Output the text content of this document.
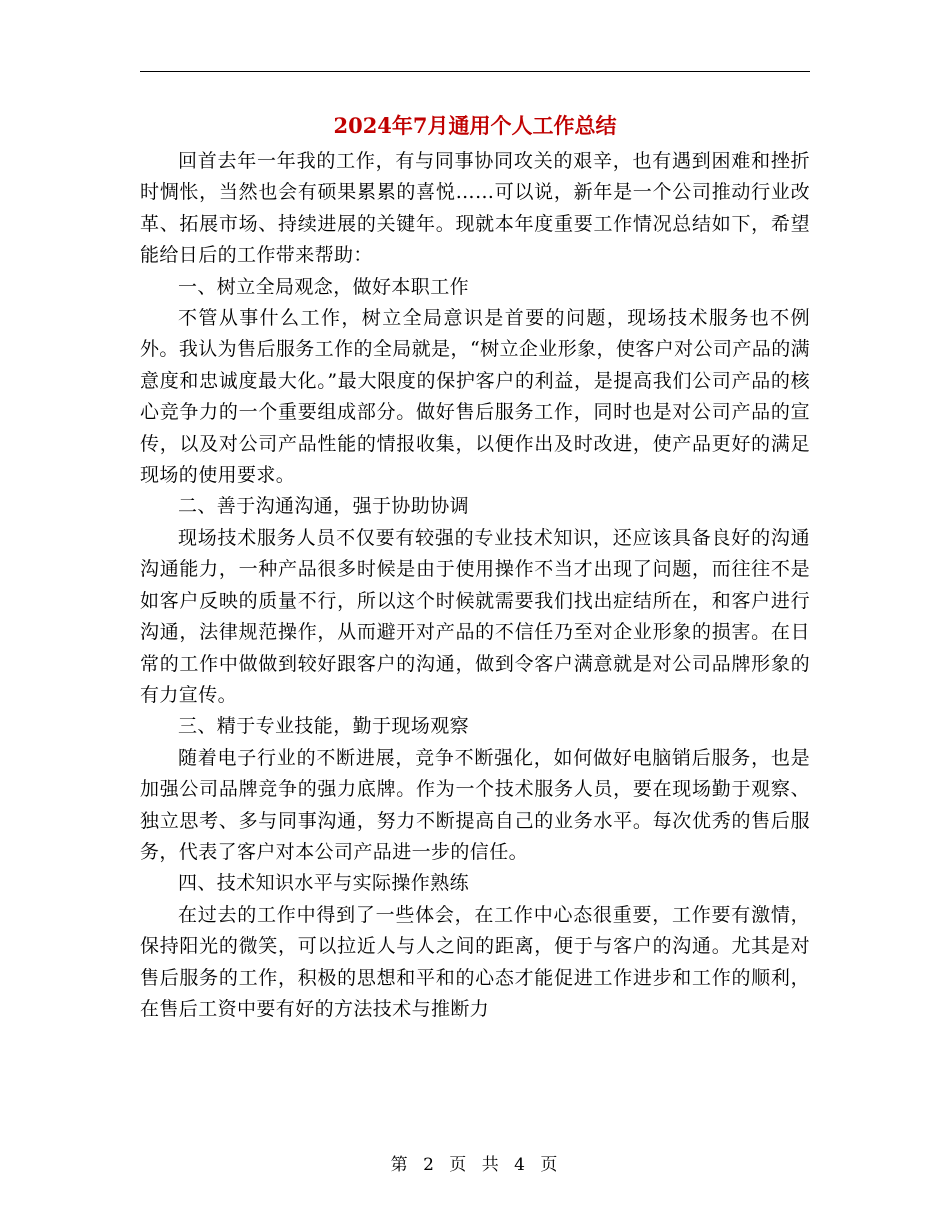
2024年7月通用个人工作总结

回首去年一年我的工作，有与同事协同攻关的艰辛，也有遇到困难和挫折时惆怅，当然也会有硕果累累的喜悦……可以说，新年是一个公司推动行业改革、拓展市场、持续进展的关键年。现就本年度重要工作情况总结如下，希望能给日后的工作带来帮助：

一、树立全局观念，做好本职工作

不管从事什么工作，树立全局意识是首要的问题，现场技术服务也不例外。我认为售后服务工作的全局就是，“树立企业形象，使客户对公司产品的满意度和忠诚度最大化。”最大限度的保护客户的利益，是提高我们公司产品的核心竞争力的一个重要组成部分。做好售后服务工作，同时也是对公司产品的宣传，以及对公司产品性能的情报收集，以便作出及时改进，使产品更好的满足现场的使用要求。

二、善于沟通沟通，强于协助协调

现场技术服务人员不仅要有较强的专业技术知识，还应该具备良好的沟通沟通能力，一种产品很多时候是由于使用操作不当才出现了问题，而往往不是如客户反映的质量不行，所以这个时候就需要我们找出症结所在，和客户进行沟通，法律规范操作，从而避开对产品的不信任乃至对企业形象的损害。在日常的工作中做做到较好跟客户的沟通，做到令客户满意就是对公司品牌形象的有力宣传。

三、精于专业技能，勤于现场观察

随着电子行业的不断进展，竞争不断强化，如何做好电脑销后服务，也是加强公司品牌竞争的强力底牌。作为一个技术服务人员，要在现场勤于观察、独立思考、多与同事沟通，努力不断提高自己的业务水平。每次优秀的售后服务，代表了客户对本公司产品进一步的信任。

四、技术知识水平与实际操作熟练

在过去的工作中得到了一些体会，在工作中心态很重要，工作要有激情，保持阳光的微笑，可以拉近人与人之间的距离，便于与客户的沟通。尤其是对售后服务的工作，积极的思想和平和的心态才能促进工作进步和工作的顺利，在售后工资中要有好的方法技术与推断力

第 2 页 共 4 页
